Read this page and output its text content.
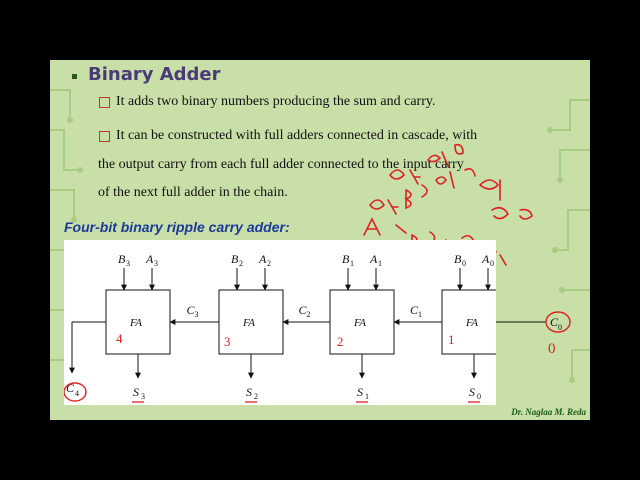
Binary Adder
It adds two binary numbers producing the sum and carry.
It can be constructed with full adders connected in cascade, with
the output carry from each full adder connected to the input carry
of the next full adder in the chain.
Four-bit binary ripple carry adder:
FA
B 3 A 3
S 3
C 3
FA
B 2 A 2
S 2
C 2
FA
B 1 A 1
S 1
C 1
FA
B 0 A 0
S 0
C 4
4	3	2	1
Dr. Naglaa M. Reda
C 0
0
